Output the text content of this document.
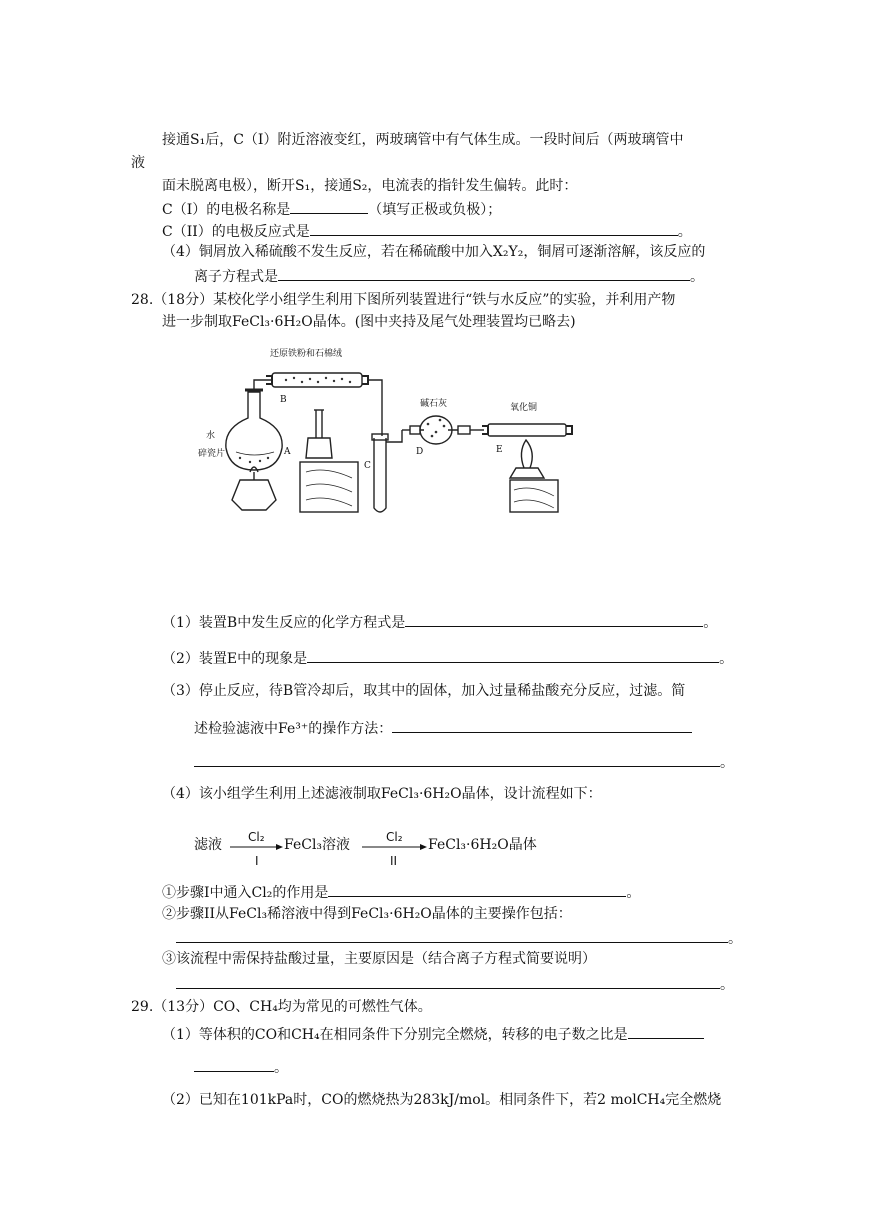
接通S₁后，C（I）附近溶液变红，两玻璃管中有气体生成。一段时间后（两玻璃管中
液
面未脱离电极），断开S₁，接通S₂，电流表的指针发生偏转。此时：
C（I）的电极名称是	（填写正极或负极）；
C（II）的电极反应式是	。
（4）铜屑放入稀硫酸不发生反应，若在稀硫酸中加入X₂Y₂，铜屑可逐渐溶解，该反应的
离子方程式是	。
28.（18分）某校化学小组学生利用下图所列装置进行“铁与水反应”的实验，并利用产物
进一步制取FeCl₃·6H₂O晶体。(图中夹持及尾气处理装置均已略去)
还原铁粉和石棉绒
B
水
碎瓷片	A
C
碱石灰
D
氧化铜
E
（1）装置B中发生反应的化学方程式是	。
（2）装置E中的现象是	。
（3）停止反应，待B管冷却后，取其中的固体，加入过量稀盐酸充分反应，过滤。简
述检验滤液中Fe³⁺的操作方法：
。
（4）该小组学生利用上述滤液制取FeCl₃·6H₂O晶体，设计流程如下：
滤液 Cl₂
I
FeCl₃溶液	Cl₂
II
FeCl₃·6H₂O晶体
①步骤I中通入Cl₂的作用是	。
②步骤II从FeCl₃稀溶液中得到FeCl₃·6H₂O晶体的主要操作包括：
。
③该流程中需保持盐酸过量，主要原因是（结合离子方程式简要说明）
。
29.（13分）CO、CH₄均为常见的可燃性气体。
（1）等体积的CO和CH₄在相同条件下分别完全燃烧，转移的电子数之比是
。
（2）已知在101kPa时，CO的燃烧热为283kJ/mol。相同条件下，若2 molCH₄完全燃烧
